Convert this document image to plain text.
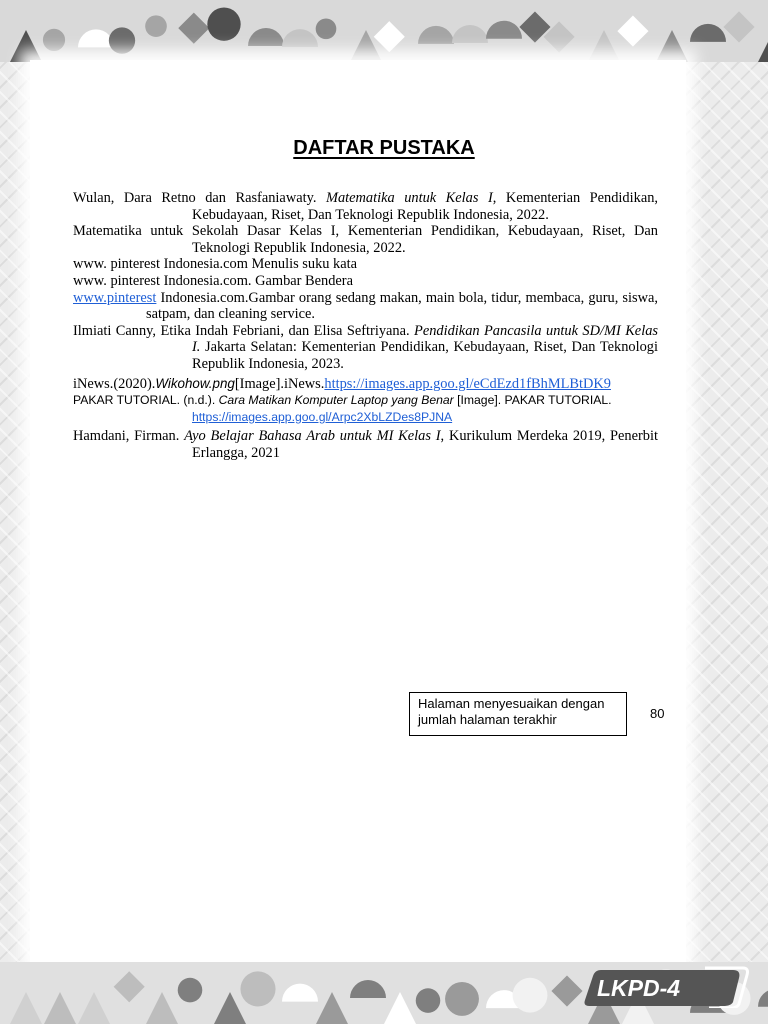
DAFTAR PUSTAKA

Wulan, Dara Retno dan Rasfaniawaty. Matematika untuk Kelas I, Kementerian Pendidikan, Kebudayaan, Riset, Dan Teknologi Republik Indonesia, 2022.

Matematika untuk Sekolah Dasar Kelas I, Kementerian Pendidikan, Kebudayaan, Riset, Dan Teknologi Republik Indonesia, 2022.

www. pinterest Indonesia.com Menulis suku kata

www. pinterest Indonesia.com. Gambar Bendera

www.pinterest Indonesia.com.Gambar orang sedang makan, main bola, tidur, membaca, guru, siswa, satpam, dan cleaning service.

Ilmiati Canny, Etika Indah Febriani, dan Elisa Seftriyana. Pendidikan Pancasila untuk SD/MI Kelas I. Jakarta Selatan: Kementerian Pendidikan, Kebudayaan, Riset, Dan Teknologi Republik Indonesia, 2023.

iNews.(2020).Wikohow.png[Image].iNews.https://images.app.goo.gl/eCdEzd1fBhMLBtDK9

PAKAR TUTORIAL. (n.d.). Cara Matikan Komputer Laptop yang Benar [Image]. PAKAR TUTORIAL.
https://images.app.goo.gl/Arpc2XbLZDes8PJNA

Hamdani, Firman. Ayo Belajar Bahasa Arab untuk MI Kelas I, Kurikulum Merdeka 2019, Penerbit Erlangga, 2021

Halaman menyesuaikan dengan jumlah halaman terakhir	80
LKPD-4
